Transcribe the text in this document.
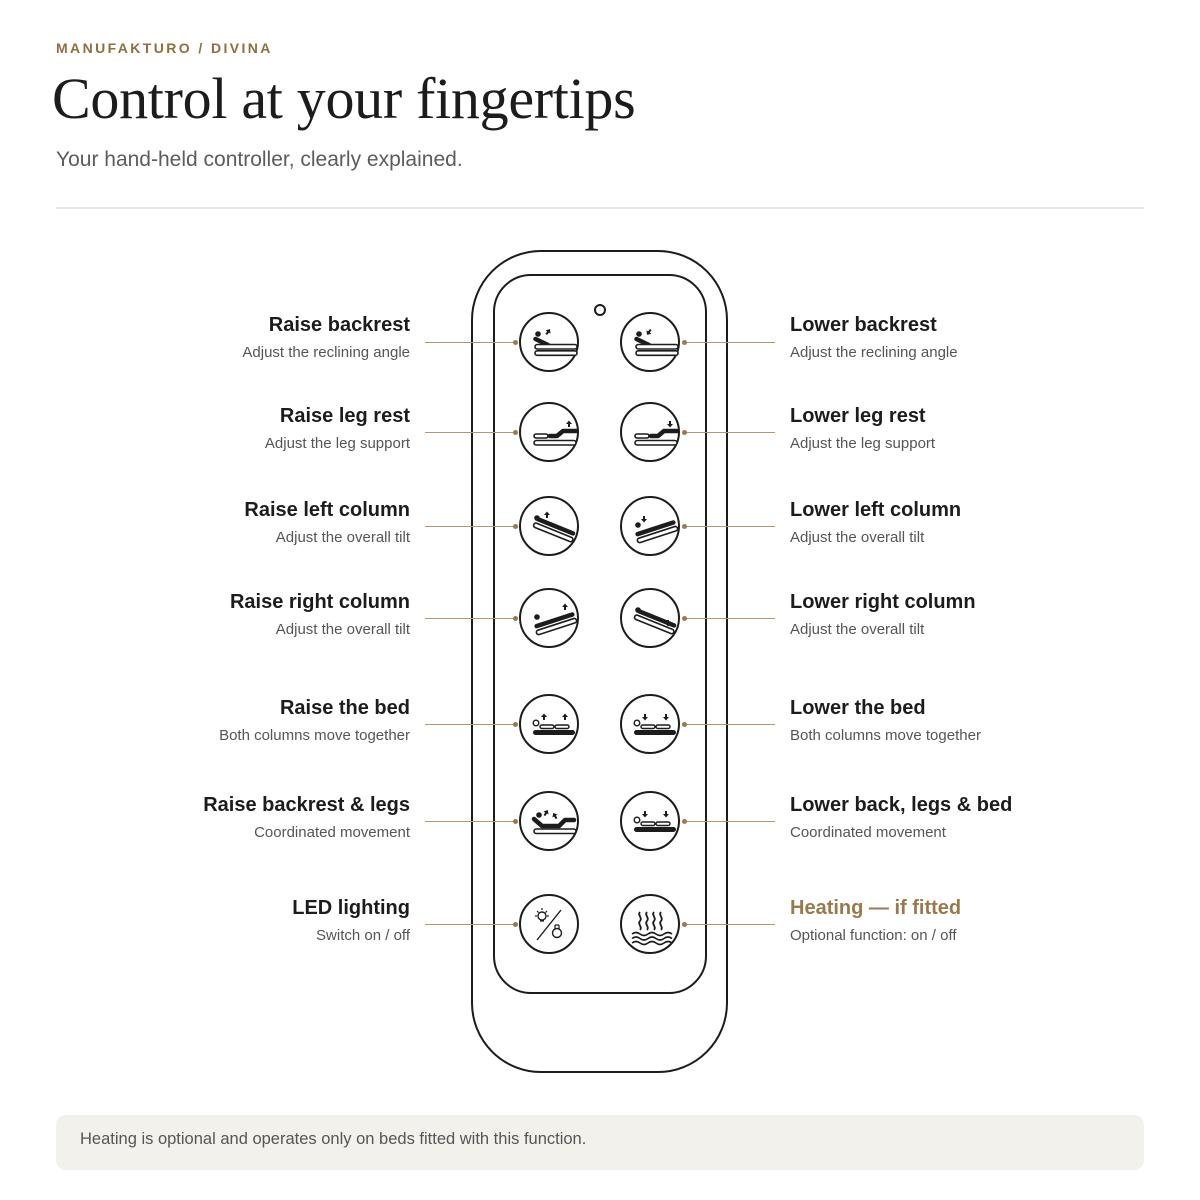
MANUFAKTURO / DIVINA
Control at your fingertips
Your hand-held controller, clearly explained.
Raise backrest
Adjust the reclining angle
Raise leg rest
Adjust the leg support
Raise left column
Adjust the overall tilt
Raise right column
Adjust the overall tilt
Raise the bed
Both columns move together
Raise backrest & legs
Coordinated movement
LED lighting
Switch on / off
Lower backrest
Adjust the reclining angle
Lower leg rest
Adjust the leg support
Lower left column
Adjust the overall tilt
Lower right column
Adjust the overall tilt
Lower the bed
Both columns move together
Lower back, legs & bed
Coordinated movement
Heating — if fitted
Optional function: on / off
Heating is optional and operates only on beds fitted with this function.
